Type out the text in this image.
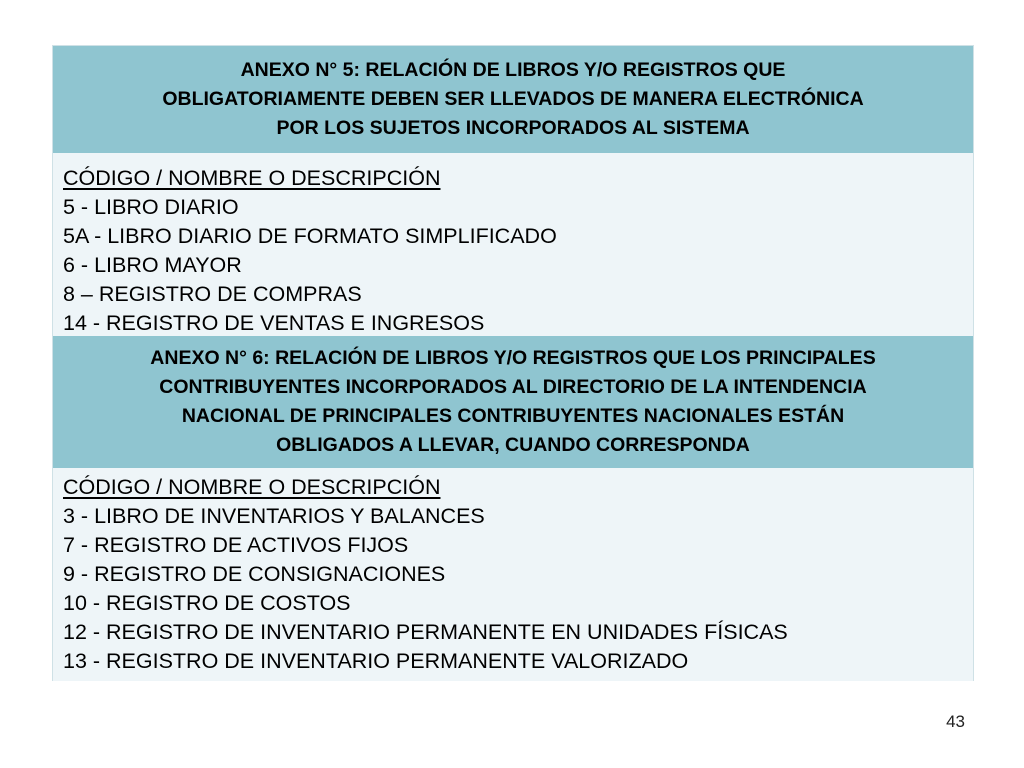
CÓDIGO / NOMBRE O DESCRIPCIÓN
5 - LIBRO DIARIO
5A - LIBRO DIARIO DE FORMATO SIMPLIFICADO
6 - LIBRO MAYOR
8 – REGISTRO DE COMPRAS
14 - REGISTRO DE VENTAS E INGRESOS
ANEXO N° 5: RELACIÓN DE LIBROS Y/O REGISTROS QUE
OBLIGATORIAMENTE DEBEN SER LLEVADOS DE MANERA ELECTRÓNICA
POR LOS SUJETOS INCORPORADOS AL SISTEMA
CÓDIGO / NOMBRE O DESCRIPCIÓN
3 - LIBRO DE INVENTARIOS Y BALANCES
7 - REGISTRO DE ACTIVOS FIJOS
9 - REGISTRO DE CONSIGNACIONES
10 - REGISTRO DE COSTOS
12 - REGISTRO DE INVENTARIO PERMANENTE EN UNIDADES FÍSICAS
13 - REGISTRO DE INVENTARIO PERMANENTE VALORIZADO
ANEXO N° 6: RELACIÓN DE LIBROS Y/O REGISTROS QUE LOS PRINCIPALES
CONTRIBUYENTES INCORPORADOS AL DIRECTORIO DE LA INTENDENCIA
NACIONAL DE PRINCIPALES CONTRIBUYENTES NACIONALES ESTÁN
OBLIGADOS A LLEVAR, CUANDO CORRESPONDA
43
